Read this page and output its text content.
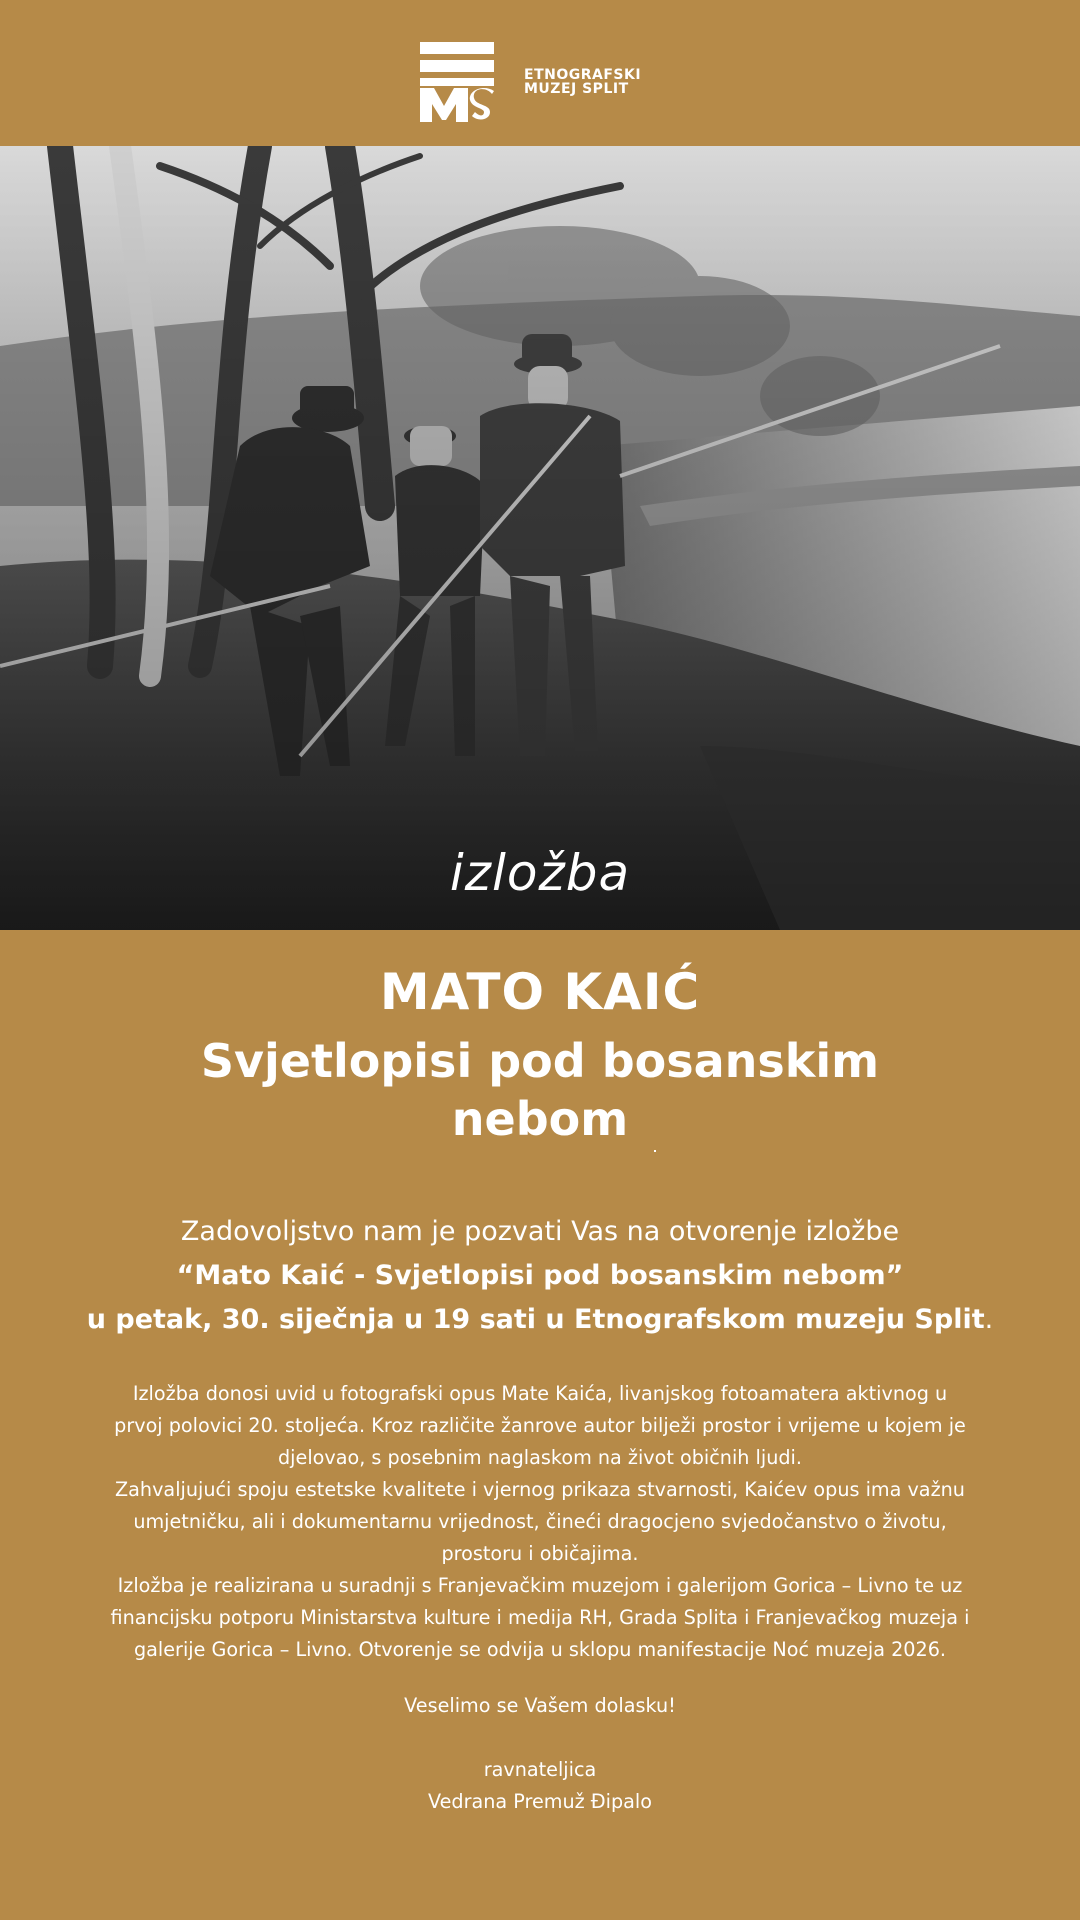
ETNOGRAFSKI
MUZEJ SPLIT
izložba
MATO KAIĆ
Svjetlopisi pod bosanskim
nebom
Zadovoljstvo nam je pozvati Vas na otvorenje izložbe
“Mato Kaić - Svjetlopisi pod bosanskim nebom”
u petak, 30. siječnja u 19 sati u Etnografskom muzeju Split.

Izložba donosi uvid u fotografski opus Mate Kaića, livanjskog fotoamatera aktivnog u

prvoj polovici 20. stoljeća. Kroz različite žanrove autor bilježi prostor i vrijeme u kojem je

djelovao, s posebnim naglaskom na život običnih ljudi.

Zahvaljujući spoju estetske kvalitete i vjernog prikaza stvarnosti, Kaićev opus ima važnu

umjetničku, ali i dokumentarnu vrijednost, čineći dragocjeno svjedočanstvo o životu,

prostoru i običajima.

Izložba je realizirana u suradnji s Franjevačkim muzejom i galerijom Gorica – Livno te uz

financijsku potporu Ministarstva kulture i medija RH, Grada Splita i Franjevačkog muzeja i

galerije Gorica – Livno. Otvorenje se odvija u sklopu manifestacije Noć muzeja 2026.

Veselimo se Vašem dolasku!

ravnateljica

Vedrana Premuž Đipalo
